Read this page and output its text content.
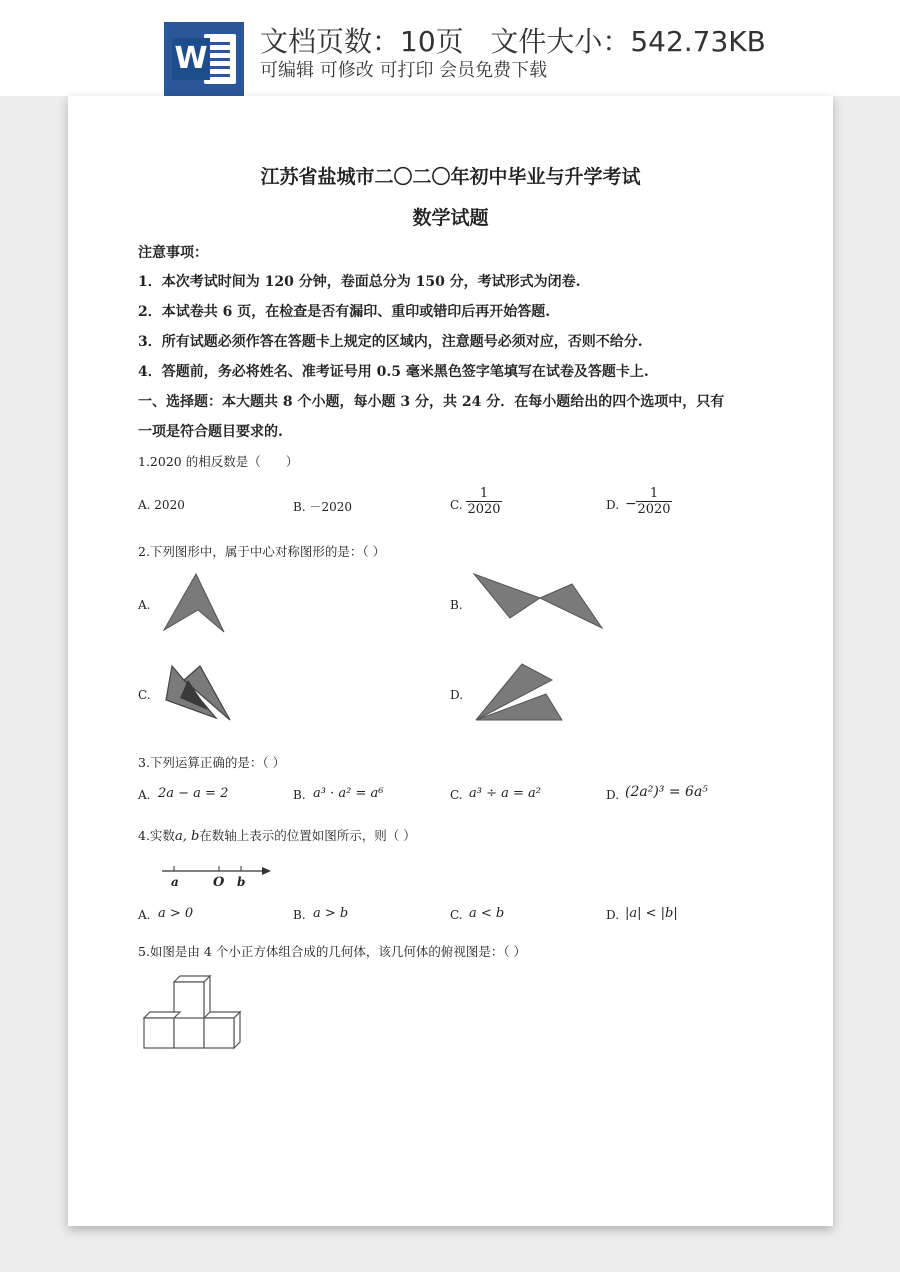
W 文档页数：10页   文件大小：542.73KB
可编辑 可修改 可打印 会员免费下载
江苏省盐城市二〇二〇年初中毕业与升学考试
数学试题
注意事项：
1．本次考试时间为 120 分钟，卷面总分为 150 分，考试形式为闭卷.
2．本试卷共 6 页，在检查是否有漏印、重印或错印后再开始答题.
3．所有试题必须作答在答题卡上规定的区域内，注意题号必须对应，否则不给分.
4．答题前，务必将姓名、准考证号用 0.5 毫米黑色签字笔填写在试卷及答题卡上.
一、选择题：本大题共 8 个小题，每小题 3 分，共 24 分．在每小题给出的四个选项中，只有
一项是符合题目要求的.
1.2020 的相反数是（　　）
A. 2020	B. －2020	C.
1
2020	D. −
1
2020
2.下列图形中，属于中心对称图形的是：（ ）
A.	B.
C.	D.
3.下列运算正确的是：（ ）
A. 2a − a = 2	B. a³ · a² = a⁶	C. a³ ÷ a = a²	D. (2a²)³ = 6a⁵
4.实数a, b在数轴上表示的位置如图所示，则（ ）
a	O b
A. a > 0	B. a > b	C. a < b	D. |a| < |b|
5.如图是由 4 个小正方体组合成的几何体，该几何体的俯视图是：（ ）
